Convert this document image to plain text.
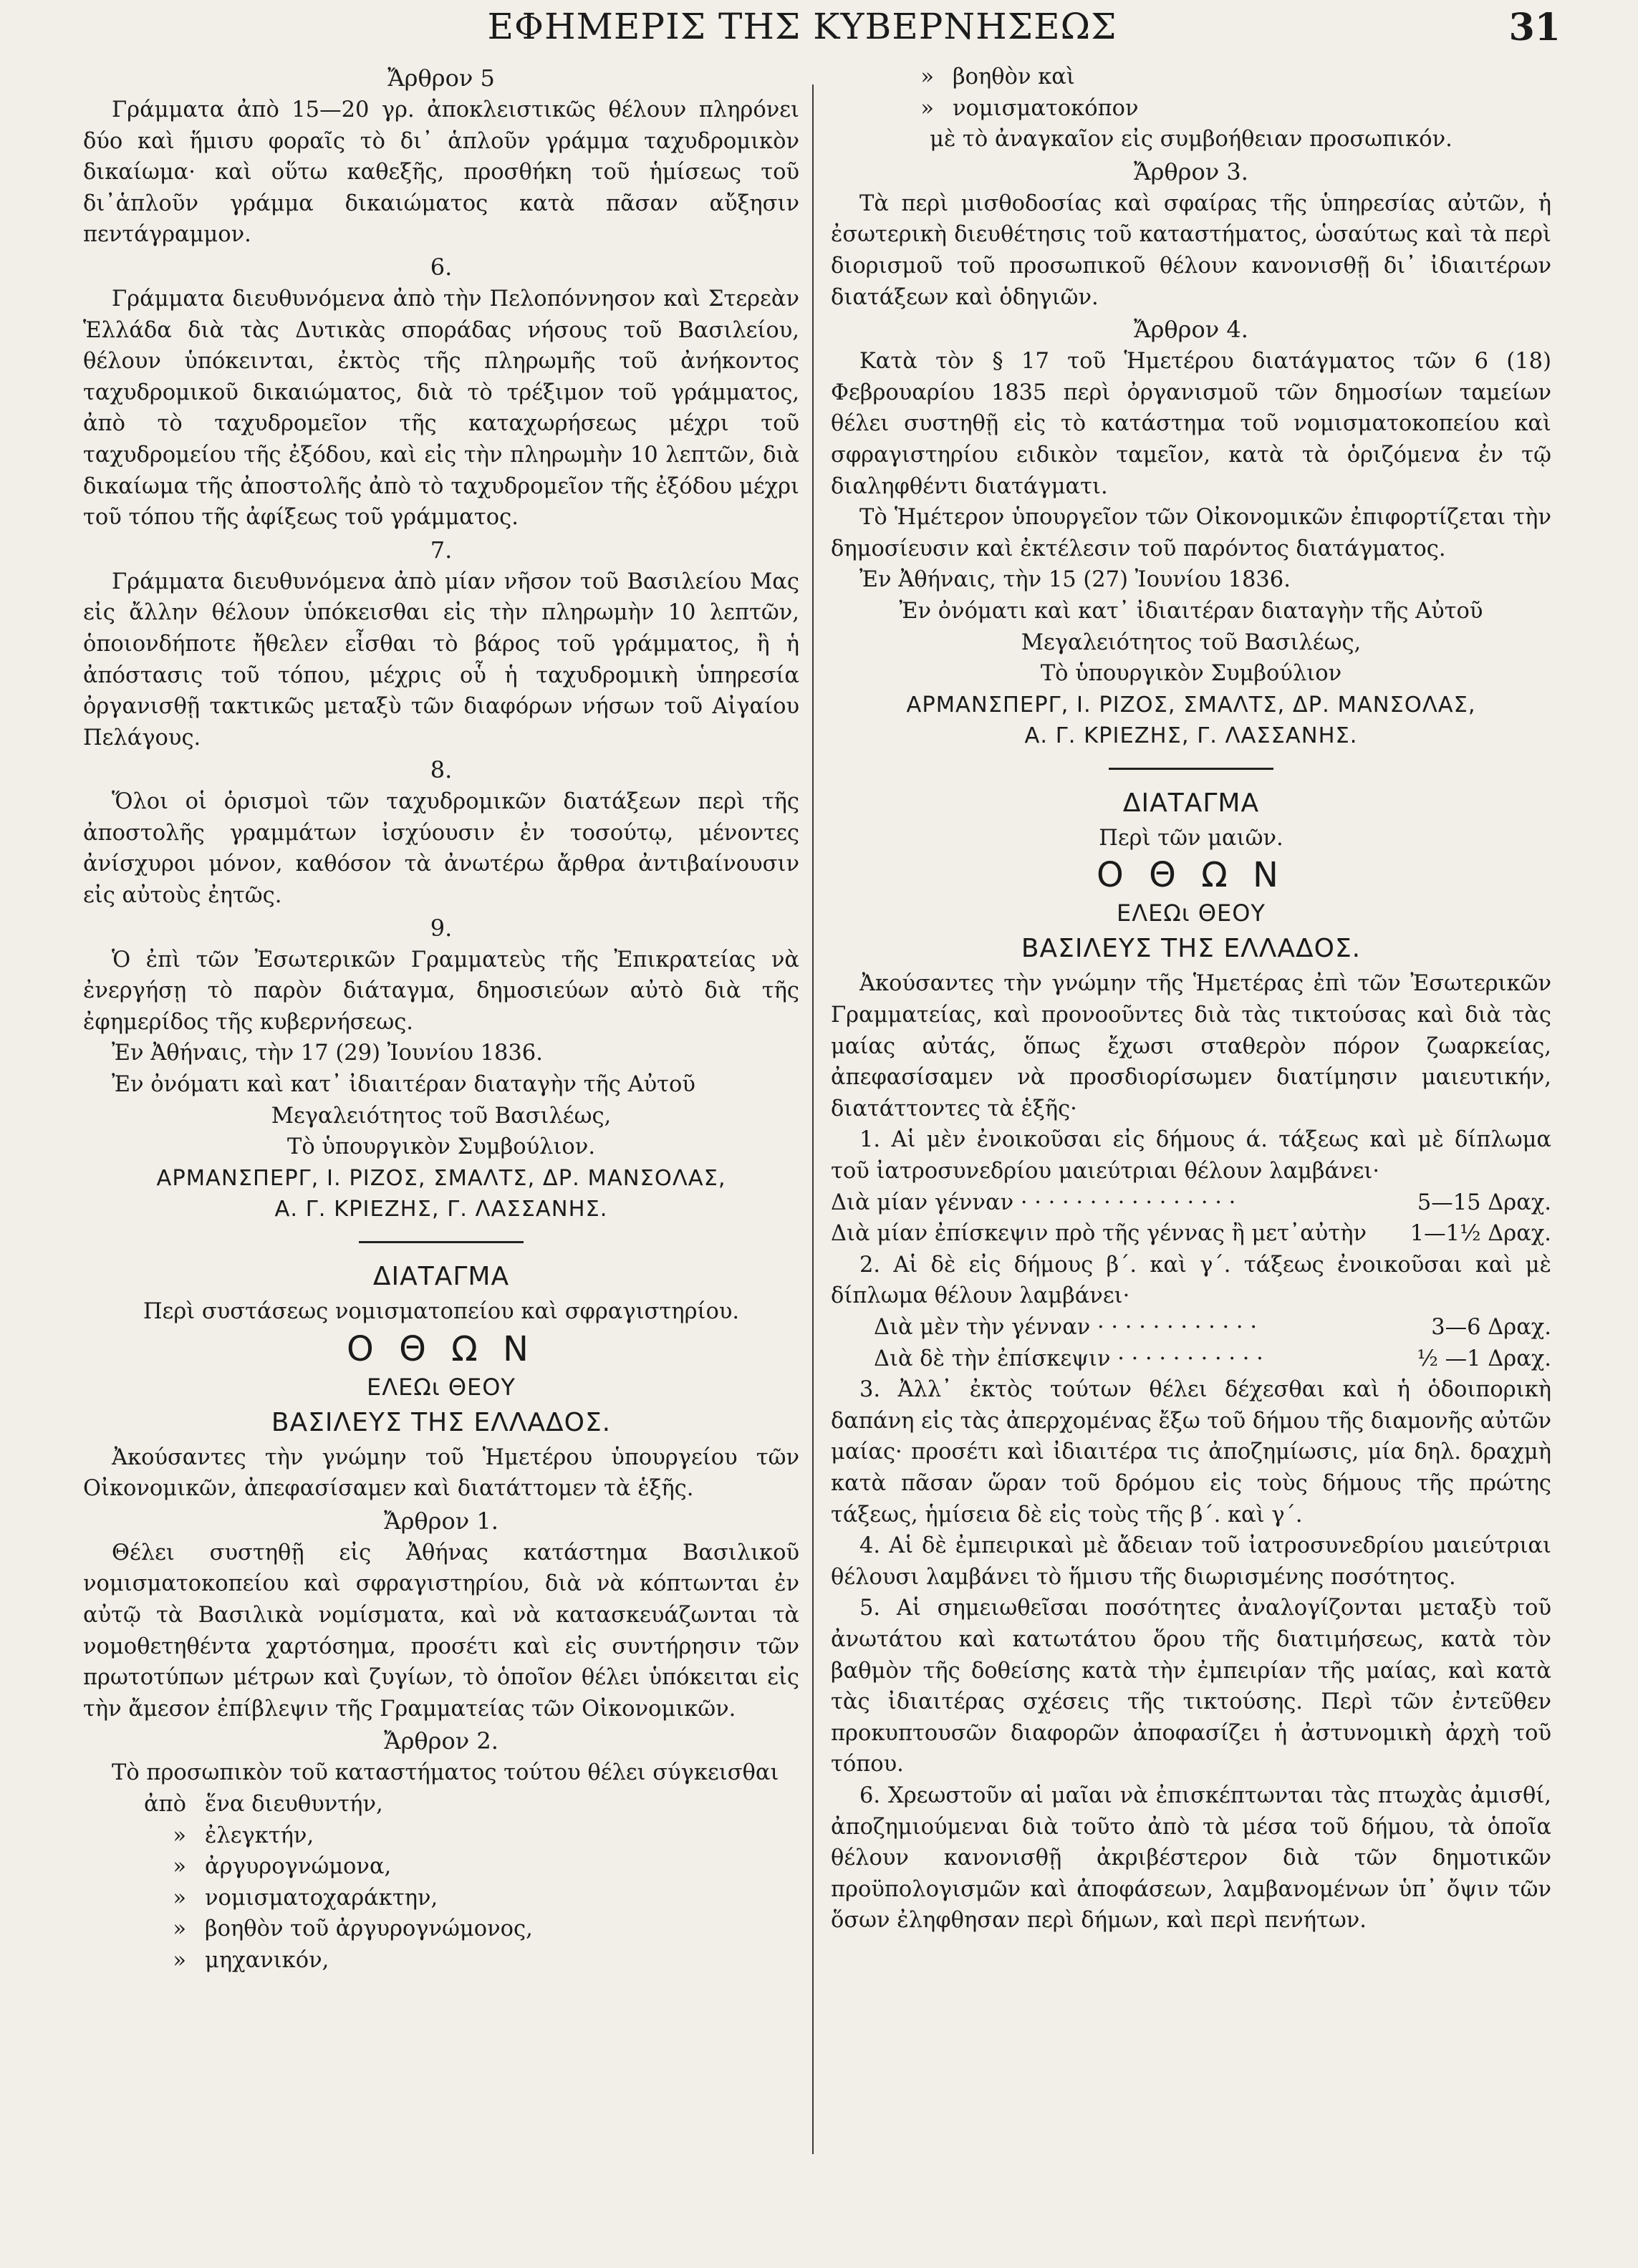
ΕΦΗΜΕΡΙΣ ΤΗΣ ΚΥΒΕΡΝΗΣΕΩΣ	31

Ἄρθρον 5

Γράμματα ἀπὸ 15—20 γρ. ἀποκλειστικῶς θέλουν πληρόνει δύο καὶ ἥμισυ φοραῖς τὸ δι᾿ ἁπλοῦν γράμμα ταχυδρομικὸν δικαίωμα· καὶ οὕτω καθεξῆς, προσθήκη τοῦ ἡμίσεως τοῦ δι᾿ἁπλοῦν γράμμα δικαιώματος κατὰ πᾶσαν αὔξησιν πεντάγραμμον.

6.

Γράμματα διευθυνόμενα ἀπὸ τὴν Πελοπόννησον καὶ Στερεὰν Ἑλλάδα διὰ τὰς Δυτικὰς σποράδας νήσους τοῦ Βασιλείου, θέλουν ὑπόκεινται, ἐκτὸς τῆς πληρωμῆς τοῦ ἀνήκοντος ταχυδρομικοῦ δικαιώματος, διὰ τὸ τρέξιμον τοῦ γράμματος, ἀπὸ τὸ ταχυδρομεῖον τῆς καταχωρήσεως μέχρι τοῦ ταχυδρομείου τῆς ἐξόδου, καὶ εἰς τὴν πληρωμὴν 10 λεπτῶν, διὰ δικαίωμα τῆς ἀποστολῆς ἀπὸ τὸ ταχυδρομεῖον τῆς ἐξόδου μέχρι τοῦ τόπου τῆς ἀφίξεως τοῦ γράμματος.

7.

Γράμματα διευθυνόμενα ἀπὸ μίαν νῆσον τοῦ Βασιλείου Μας εἰς ἄλλην θέλουν ὑπόκεισθαι εἰς τὴν πληρωμὴν 10 λεπτῶν, ὁποιονδήποτε ἤθελεν εἶσθαι τὸ βάρος τοῦ γράμματος, ἢ ἡ ἀπόστασις τοῦ τόπου, μέχρις οὗ ἡ ταχυδρομικὴ ὑπηρεσία ὀργανισθῇ τακτικῶς μεταξὺ τῶν διαφόρων νήσων τοῦ Αἰγαίου Πελάγους.

8.

Ὅλοι οἱ ὁρισμοὶ τῶν ταχυδρομικῶν διατάξεων περὶ τῆς ἀποστολῆς γραμμάτων ἰσχύουσιν ἐν τοσούτῳ, μένοντες ἀνίσχυροι μόνον, καθόσον τὰ ἀνωτέρω ἄρθρα ἀντιβαίνουσιν εἰς αὐτοὺς ἐητῶς.

9.

Ὁ ἐπὶ τῶν Ἐσωτερικῶν Γραμματεὺς τῆς Ἐπικρατείας νὰ ἐνεργήσῃ τὸ παρὸν διάταγμα, δημοσιεύων αὐτὸ διὰ τῆς ἐφημερίδος τῆς κυβερνήσεως.

Ἐν Ἀθήναις, τὴν 17 (29) Ἰουνίου 1836.

Ἐν ὀνόματι καὶ κατ᾿ ἰδιαιτέραν διαταγὴν τῆς Αὐτοῦ

Μεγαλειότητος τοῦ Βασιλέως,

Τὸ ὑπουργικὸν Συμβούλιον.

ΑΡΜΑΝΣΠΕΡΓ, Ι. ΡΙΖΟΣ, ΣΜΑΛΤΣ, ΔΡ. ΜΑΝΣΟΛΑΣ,

Α. Γ. ΚΡΙΕΖΗΣ, Γ. ΛΑΣΣΑΝΗΣ.

ΔΙΑΤΑΓΜΑ

Περὶ συστάσεως νομισματοπείου καὶ σφραγιστηρίου.

Ο Θ Ω Ν

ΕΛΕΩι ΘΕΟΥ

ΒΑΣΙΛΕΥΣ ΤΗΣ ΕΛΛΑΔΟΣ.

Ἀκούσαντες τὴν γνώμην τοῦ Ἡμετέρου ὑπουργείου τῶν Οἰκονομικῶν, ἀπεφασίσαμεν καὶ διατάττομεν τὰ ἑξῆς.

Ἄρθρον 1.

Θέλει συστηθῇ εἰς Ἀθήνας κατάστημα Βασιλικοῦ νομισματοκοπείου καὶ σφραγιστηρίου, διὰ νὰ κόπτωνται ἐν αὐτῷ τὰ Βασιλικὰ νομίσματα, καὶ νὰ κατασκευάζωνται τὰ νομοθετηθέντα χαρτόσημα, προσέτι καὶ εἰς συντήρησιν τῶν πρωτοτύπων μέτρων καὶ ζυγίων, τὸ ὁποῖον θέλει ὑπόκειται εἰς τὴν ἄμεσον ἐπίβλεψιν τῆς Γραμματείας τῶν Οἰκονομικῶν.

Ἄρθρον 2.

Τὸ προσωπικὸν τοῦ καταστήματος τούτου θέλει σύγκεισθαι

ἀπὸ ἕνα διευθυντήν,
» ἐλεγκτήν,
» ἀργυρογνώμονα,
» νομισματοχαράκτην,
» βοηθὸν τοῦ ἀργυρογνώμονος,
» μηχανικόν,
» βοηθὸν καὶ
» νομισματοκόπον

μὲ τὸ ἀναγκαῖον εἰς συμβοήθειαν προσωπικόν.

Ἄρθρον 3.

Τὰ περὶ μισθοδοσίας καὶ σφαίρας τῆς ὑπηρεσίας αὐτῶν, ἡ ἐσωτερικὴ διευθέτησις τοῦ καταστήματος, ὡσαύτως καὶ τὰ περὶ διορισμοῦ τοῦ προσωπικοῦ θέλουν κανονισθῇ δι᾿ ἰδιαιτέρων διατάξεων καὶ ὁδηγιῶν.

Ἄρθρον 4.

Κατὰ τὸν § 17 τοῦ Ἡμετέρου διατάγματος τῶν 6 (18) Φεβρουαρίου 1835 περὶ ὀργανισμοῦ τῶν δημοσίων ταμείων θέλει συστηθῇ εἰς τὸ κατάστημα τοῦ νομισματοκοπείου καὶ σφραγιστηρίου ειδικὸν ταμεῖον, κατὰ τὰ ὁριζόμενα ἐν τῷ διαληφθέντι διατάγματι.

Τὸ Ἡμέτερον ὑπουργεῖον τῶν Οἰκονομικῶν ἐπιφορτίζεται τὴν δημοσίευσιν καὶ ἐκτέλεσιν τοῦ παρόντος διατάγματος.

Ἐν Ἀθήναις, τὴν 15 (27) Ἰουνίου 1836.

Ἐν ὀνόματι καὶ κατ᾿ ἰδιαιτέραν διαταγὴν τῆς Αὐτοῦ

Μεγαλειότητος τοῦ Βασιλέως,

Τὸ ὑπουργικὸν Συμβούλιον

ΑΡΜΑΝΣΠΕΡΓ, Ι. ΡΙΖΟΣ, ΣΜΑΛΤΣ, ΔΡ. ΜΑΝΣΟΛΑΣ,

Α. Γ. ΚΡΙΕΖΗΣ, Γ. ΛΑΣΣΑΝΗΣ.

ΔΙΑΤΑΓΜΑ

Περὶ τῶν μαιῶν.

Ο Θ Ω Ν

ΕΛΕΩι ΘΕΟΥ

ΒΑΣΙΛΕΥΣ ΤΗΣ ΕΛΛΑΔΟΣ.

Ἀκούσαντες τὴν γνώμην τῆς Ἡμετέρας ἐπὶ τῶν Ἐσωτερικῶν Γραμματείας, καὶ προνοοῦντες διὰ τὰς τικτούσας καὶ διὰ τὰς μαίας αὐτάς, ὅπως ἔχωσι σταθερὸν πόρον ζωαρκείας, ἀπεφασίσαμεν νὰ προσδιορίσωμεν διατίμησιν μαιευτικήν, διατάττοντες τὰ ἑξῆς·

1. Αἱ μὲν ἐνοικοῦσαι εἰς δήμους ά. τάξεως καὶ μὲ δίπλωμα τοῦ ἰατροσυνεδρίου μαιεύτριαι θέλουν λαμβάνει·

Διὰ μίαν γένναν · · · · · · · · · · · · · · · ·	5—15 Δραχ.
Διὰ μίαν ἐπίσκεψιν πρὸ τῆς γέννας ἢ μετ᾿αὐτὴν	1—1½ Δραχ.

2. Αἱ δὲ εἰς δήμους β΄. καὶ γ΄. τάξεως ἐνοικοῦσαι καὶ μὲ δίπλωμα θέλουν λαμβάνει·

Διὰ μὲν τὴν γένναν · · · · · · · · · · · ·	3—6 Δραχ.
Διὰ δὲ τὴν ἐπίσκεψιν · · · · · · · · · · ·	½ —1 Δραχ.

3. Ἀλλ᾿ ἐκτὸς τούτων θέλει δέχεσθαι καὶ ἡ ὁδοιπορικὴ δαπάνη εἰς τὰς ἀπερχομένας ἔξω τοῦ δήμου τῆς διαμονῆς αὐτῶν μαίας· προσέτι καὶ ἰδιαιτέρα τις ἀποζημίωσις, μία δηλ. δραχμὴ κατὰ πᾶσαν ὥραν τοῦ δρόμου εἰς τοὺς δήμους τῆς πρώτης τάξεως, ἡμίσεια δὲ εἰς τοὺς τῆς β΄. καὶ γ΄.

4. Αἱ δὲ ἐμπειρικαὶ μὲ ἄδειαν τοῦ ἰατροσυνεδρίου μαιεύτριαι θέλουσι λαμβάνει τὸ ἥμισυ τῆς διωρισμένης ποσότητος.

5. Αἱ σημειωθεῖσαι ποσότητες ἀναλογίζονται μεταξὺ τοῦ ἀνωτάτου καὶ κατωτάτου ὅρου τῆς διατιμήσεως, κατὰ τὸν βαθμὸν τῆς δοθείσης κατὰ τὴν ἐμπειρίαν τῆς μαίας, καὶ κατὰ τὰς ἰδιαιτέρας σχέσεις τῆς τικτούσης. Περὶ τῶν ἐντεῦθεν προκυπτουσῶν διαφορῶν ἀποφασίζει ἡ ἀστυνομικὴ ἀρχὴ τοῦ τόπου.

6. Χρεωστοῦν αἱ μαῖαι νὰ ἐπισκέπτωνται τὰς πτωχὰς ἀμισθί, ἀποζημιούμεναι διὰ τοῦτο ἀπὸ τὰ μέσα τοῦ δήμου, τὰ ὁποῖα θέλουν κανονισθῇ ἀκριβέστερον διὰ τῶν δημοτικῶν προϋπολογισμῶν καὶ ἀποφάσεων, λαμβανομένων ὑπ᾿ ὄψιν τῶν ὅσων ἐληφθησαν περὶ δήμων, καὶ περὶ πενήτων.
